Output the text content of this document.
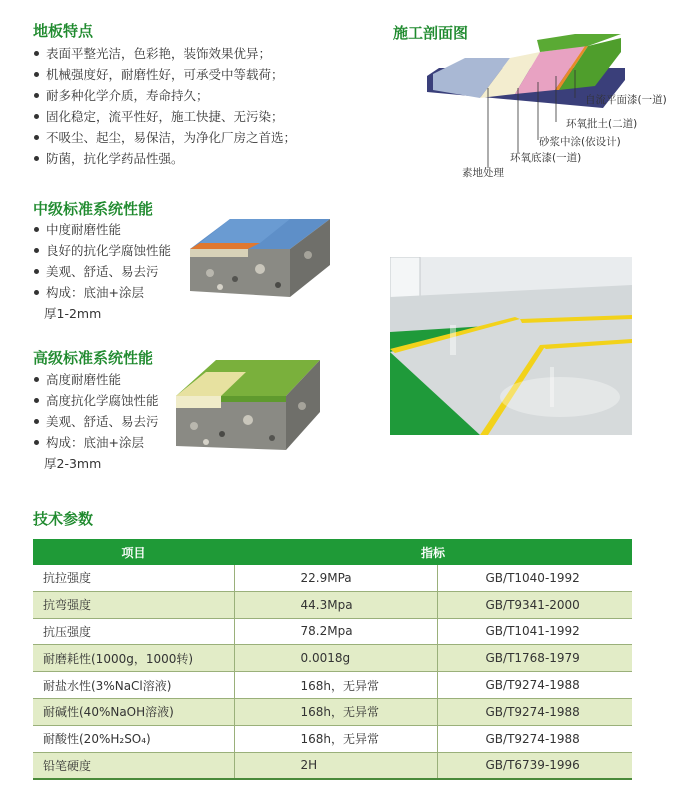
地板特点
表面平整光洁，色彩艳，装饰效果优异；
机械强度好，耐磨性好，可承受中等载荷；
耐多种化学介质，寿命持久；
固化稳定，流平性好，施工快捷、无污染；
不吸尘、起尘，易保洁，为净化厂房之首选；
防菌，抗化学药品性强。
施工剖面图
自流平面漆(一道)
环氧批土(二道)
砂浆中涂(依设计)
环氧底漆(一道)
素地处理
中级标准系统性能
中度耐磨性能
良好的抗化学腐蚀性能
美观、舒适、易去污
构成：底油+涂层
厚1-2mm
高级标准系统性能
高度耐磨性能
高度抗化学腐蚀性能
美观、舒适、易去污
构成：底油+涂层
厚2-3mm
技术参数
项目	指标	
抗拉强度	22.9MPa	GB/T1040-1992
抗弯强度	44.3Mpa	GB/T9341-2000
抗压强度	78.2Mpa	GB/T1041-1992
耐磨耗性(1000g，1000转)	0.0018g	GB/T1768-1979
耐盐水性(3%NaCl溶液)	168h，无异常	GB/T9274-1988
耐碱性(40%NaOH溶液)	168h，无异常	GB/T9274-1988
耐酸性(20%H₂SO₄)	168h，无异常	GB/T9274-1988
铅笔硬度	2H	GB/T6739-1996
